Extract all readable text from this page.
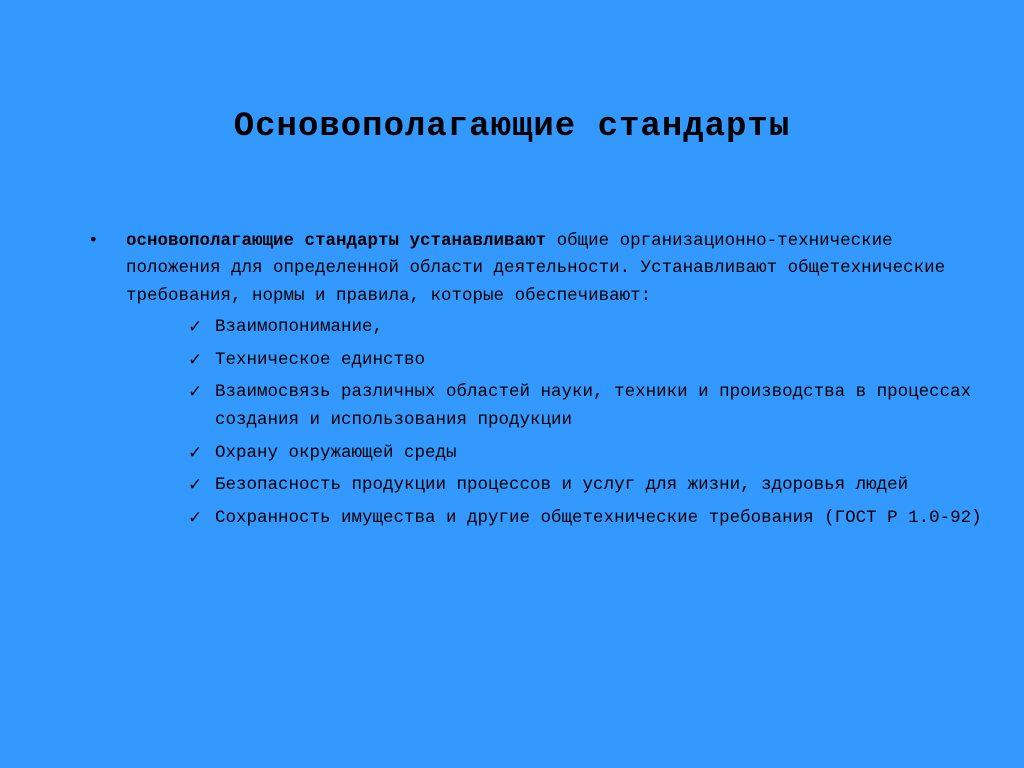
Основополагающие стандарты
• основополагающие стандарты устанавливают общие организационно-технические положения для определенной области деятельности. Устанавливают общетехнические требования, нормы и правила, которые обеспечивают:
✓ Взаимопонимание,
✓ Техническое единство
✓ Взаимосвязь различных областей науки, техники и производства в процессах создания и использования продукции
✓ Охрану окружающей среды
✓ Безопасность продукции процессов и услуг для жизни, здоровья людей
✓ Сохранность имущества и другие общетехнические требования (ГОСТ Р 1.0-92)
